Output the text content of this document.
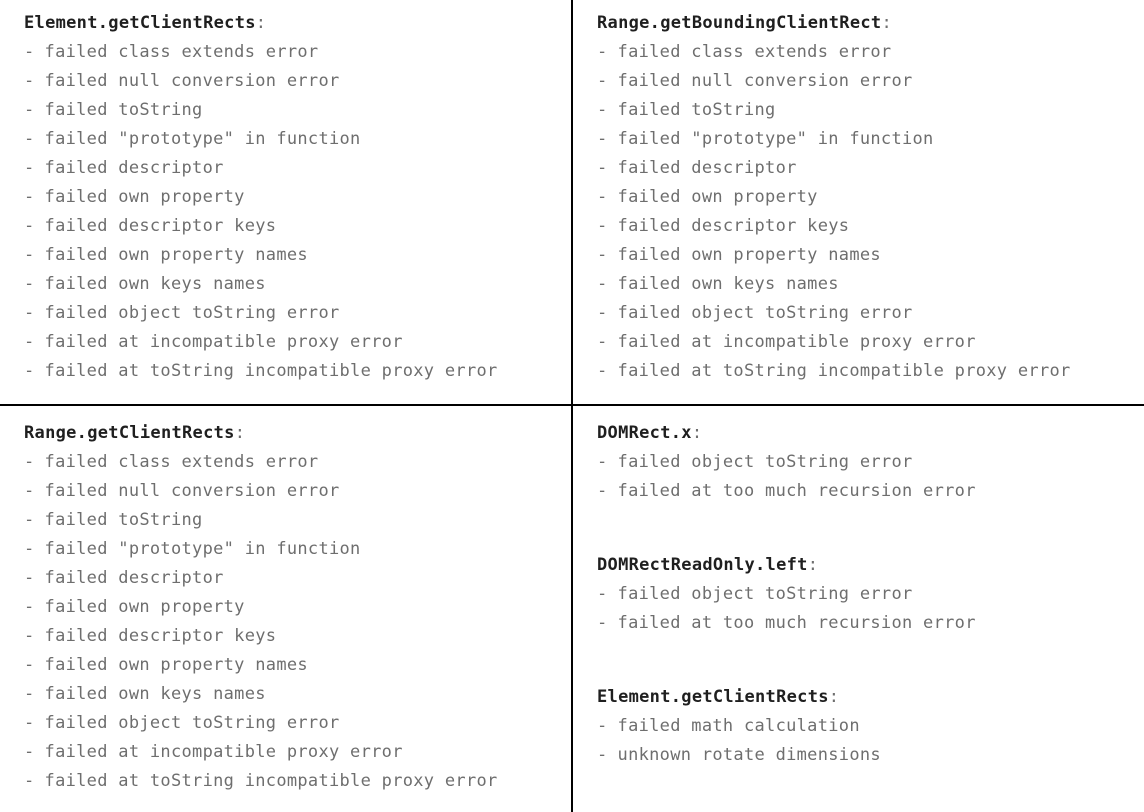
Element.getClientRects:
- failed class extends error
- failed null conversion error
- failed toString
- failed "prototype" in function
- failed descriptor
- failed own property
- failed descriptor keys
- failed own property names
- failed own keys names
- failed object toString error
- failed at incompatible proxy error
- failed at toString incompatible proxy error
Range.getBoundingClientRect:
- failed class extends error
- failed null conversion error
- failed toString
- failed "prototype" in function
- failed descriptor
- failed own property
- failed descriptor keys
- failed own property names
- failed own keys names
- failed object toString error
- failed at incompatible proxy error
- failed at toString incompatible proxy error
Range.getClientRects:
- failed class extends error
- failed null conversion error
- failed toString
- failed "prototype" in function
- failed descriptor
- failed own property
- failed descriptor keys
- failed own property names
- failed own keys names
- failed object toString error
- failed at incompatible proxy error
- failed at toString incompatible proxy error
DOMRect.x:
- failed object toString error
- failed at too much recursion error
DOMRectReadOnly.left:
- failed object toString error
- failed at too much recursion error
Element.getClientRects:
- failed math calculation
- unknown rotate dimensions
